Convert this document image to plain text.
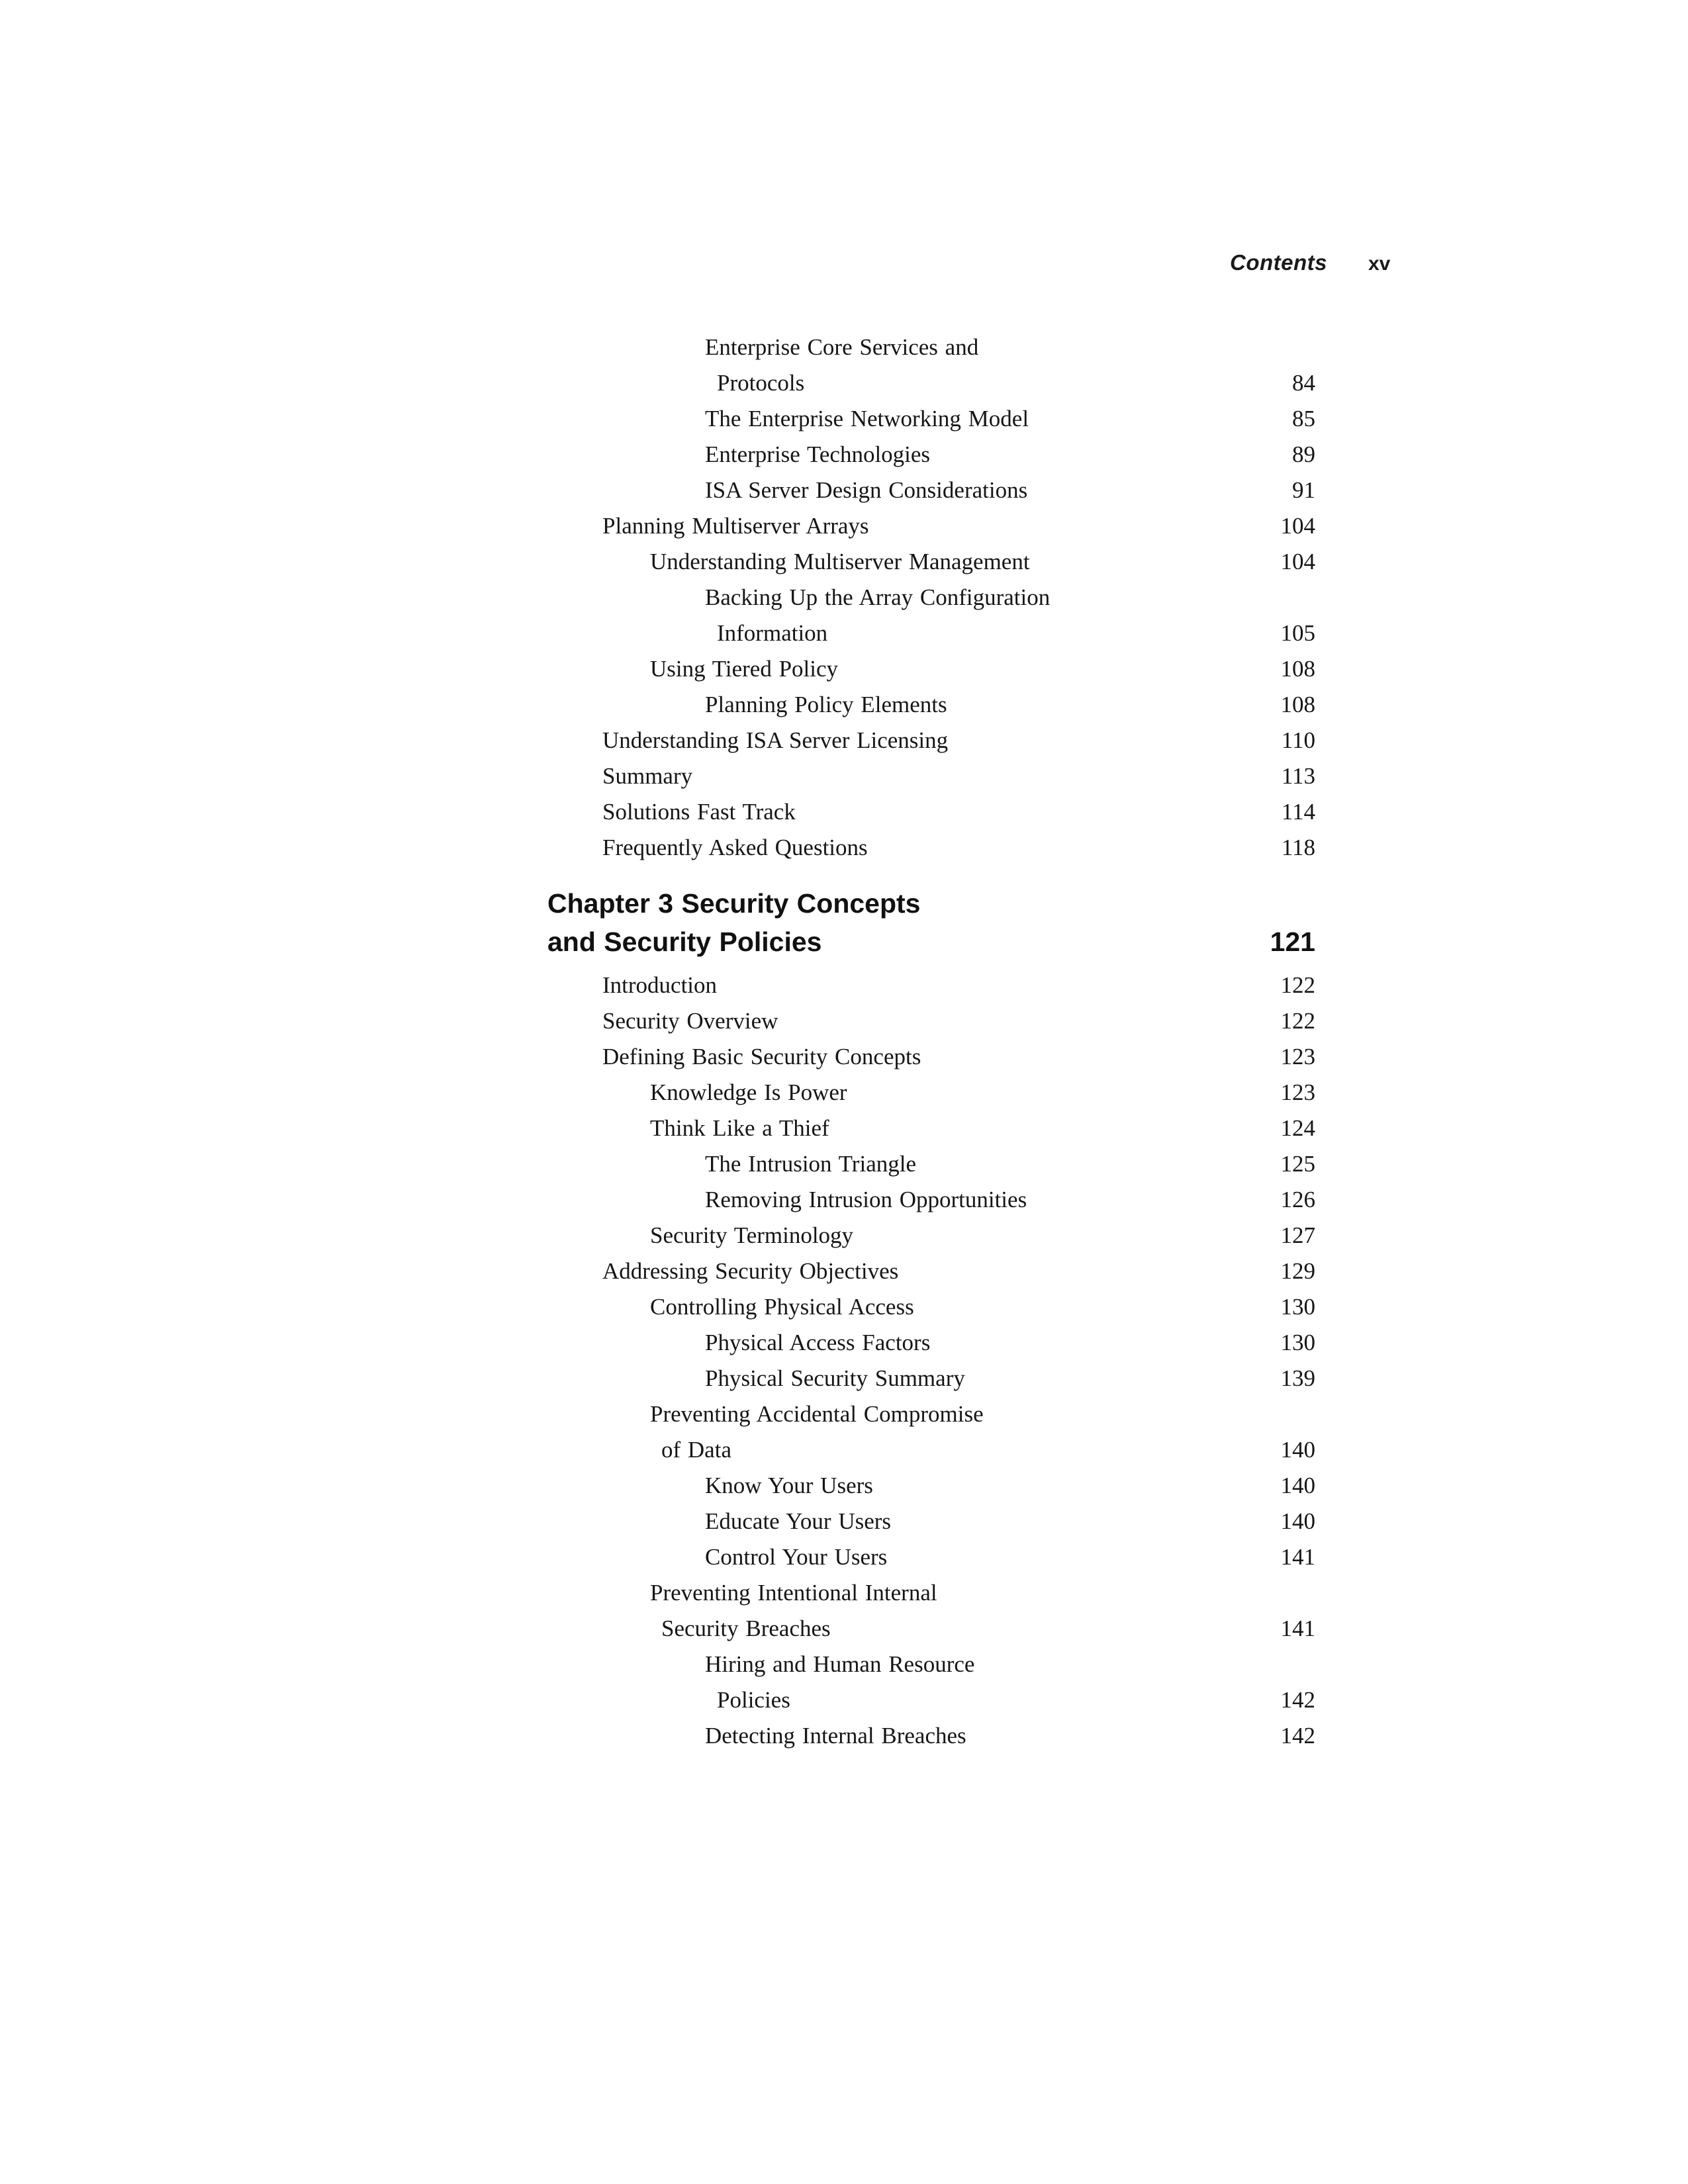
Contents xv
Enterprise Core Services and
Protocols	84
The Enterprise Networking Model	85
Enterprise Technologies	89
ISA Server Design Considerations	91
Planning Multiserver Arrays	104
Understanding Multiserver Management	104
Backing Up the Array Configuration
Information	105
Using Tiered Policy	108
Planning Policy Elements	108
Understanding ISA Server Licensing	110
Summary	113
Solutions Fast Track	114
Frequently Asked Questions	118
Chapter 3 Security Concepts
and Security Policies	121
Introduction	122
Security Overview	122
Defining Basic Security Concepts	123
Knowledge Is Power	123
Think Like a Thief	124
The Intrusion Triangle	125
Removing Intrusion Opportunities	126
Security Terminology	127
Addressing Security Objectives	129
Controlling Physical Access	130
Physical Access Factors	130
Physical Security Summary	139
Preventing Accidental Compromise
of Data	140
Know Your Users	140
Educate Your Users	140
Control Your Users	141
Preventing Intentional Internal
Security Breaches	141
Hiring and Human Resource
Policies	142
Detecting Internal Breaches	142
